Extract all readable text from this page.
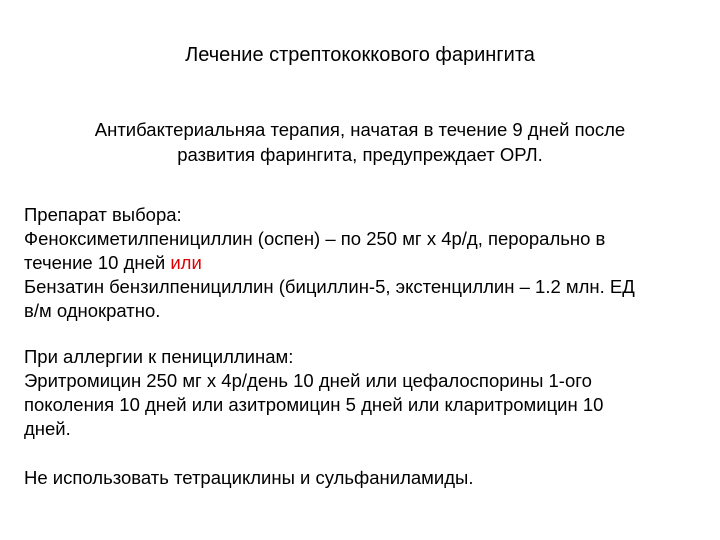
Лечение стрептококкового фарингита
Антибактериальняа терапия, начатая в течение 9 дней после
развития фарингита, предупреждает ОРЛ.
Препарат выбора:
Феноксиметилпенициллин (оспен) – по 250 мг х 4р/д, перорально в
течение 10 дней или
Бензатин бензилпенициллин (бициллин-5, экстенциллин – 1.2 млн. ЕД
в/м однократно.
При аллергии к пенициллинам:
Эритромицин 250 мг х 4р/день 10 дней или цефалоспорины 1-ого
поколения 10 дней или азитромицин 5 дней или кларитромицин 10
дней.
Не использовать тетрациклины и сульфаниламиды.
